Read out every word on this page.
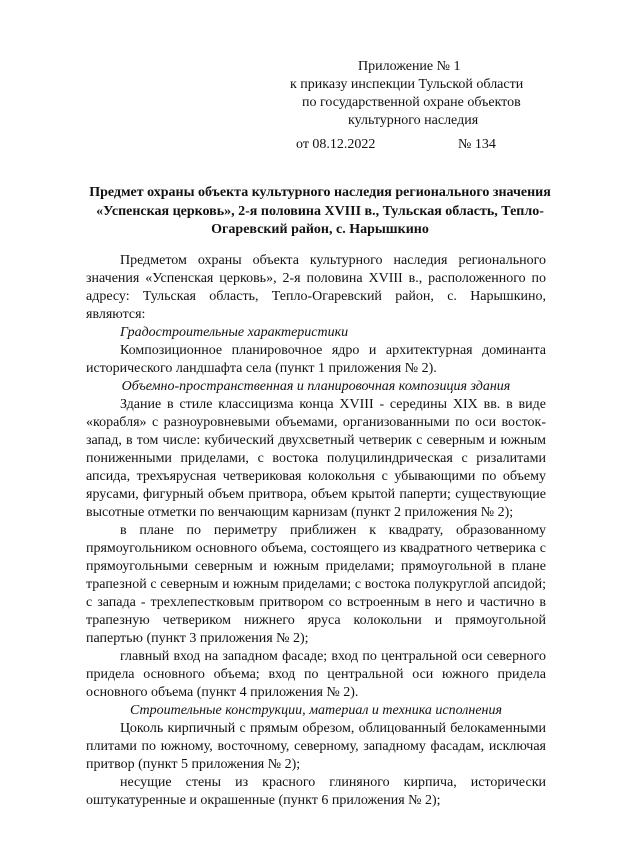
Приложение № 1
к приказу инспекции Тульской области
по государственной охране объектов
культурного наследия
от 08.12.2022	№ 134
Предмет охраны объекта культурного наследия регионального значения «Успенская церковь», 2-я половина XVIII в., Тульская область, Тепло-Огаревский район, с. Нарышкино

Предметом охраны объекта культурного наследия регионального значения «Успенская церковь», 2-я половина XVIII в., расположенного по адресу: Тульская область, Тепло-Огаревский район, с. Нарышкино, являются:

Градостроительные характеристики

Композиционное планировочное ядро и архитектурная доминанта исторического ландшафта села (пункт 1 приложения № 2).

Объемно-пространственная и планировочная композиция здания

Здание в стиле классицизма конца XVIII - середины XIX вв. в виде «корабля» с разноуровневыми объемами, организованными по оси восток-запад, в том числе: кубический двухсветный четверик с северным и южным пониженными приделами, с востока полуцилиндрическая с ризалитами апсида, трехъярусная четвериковая колокольня с убывающими по объему ярусами, фигурный объем притвора, объем крытой паперти; существующие высотные отметки по венчающим карнизам (пункт 2 приложения № 2);

в плане по периметру приближен к квадрату, образованному прямоугольником основного объема, состоящего из квадратного четверика с прямоугольными северным и южным приделами; прямоугольной в плане трапезной с северным и южным приделами; с востока полукруглой апсидой; с запада - трехлепестковым притвором со встроенным в него и частично в трапезную четвериком нижнего яруса колокольни и прямоугольной папертью (пункт 3 приложения № 2);

главный вход на западном фасаде; вход по центральной оси северного придела основного объема; вход по центральной оси южного придела основного объема (пункт 4 приложения № 2).

Строительные конструкции, материал и техника исполнения

Цоколь кирпичный с прямым обрезом, облицованный белокаменными плитами по южному, восточному, северному, западному фасадам, исключая притвор (пункт 5 приложения № 2);

несущие стены из красного глиняного кирпича, исторически оштукатуренные и окрашенные (пункт 6 приложения № 2);
